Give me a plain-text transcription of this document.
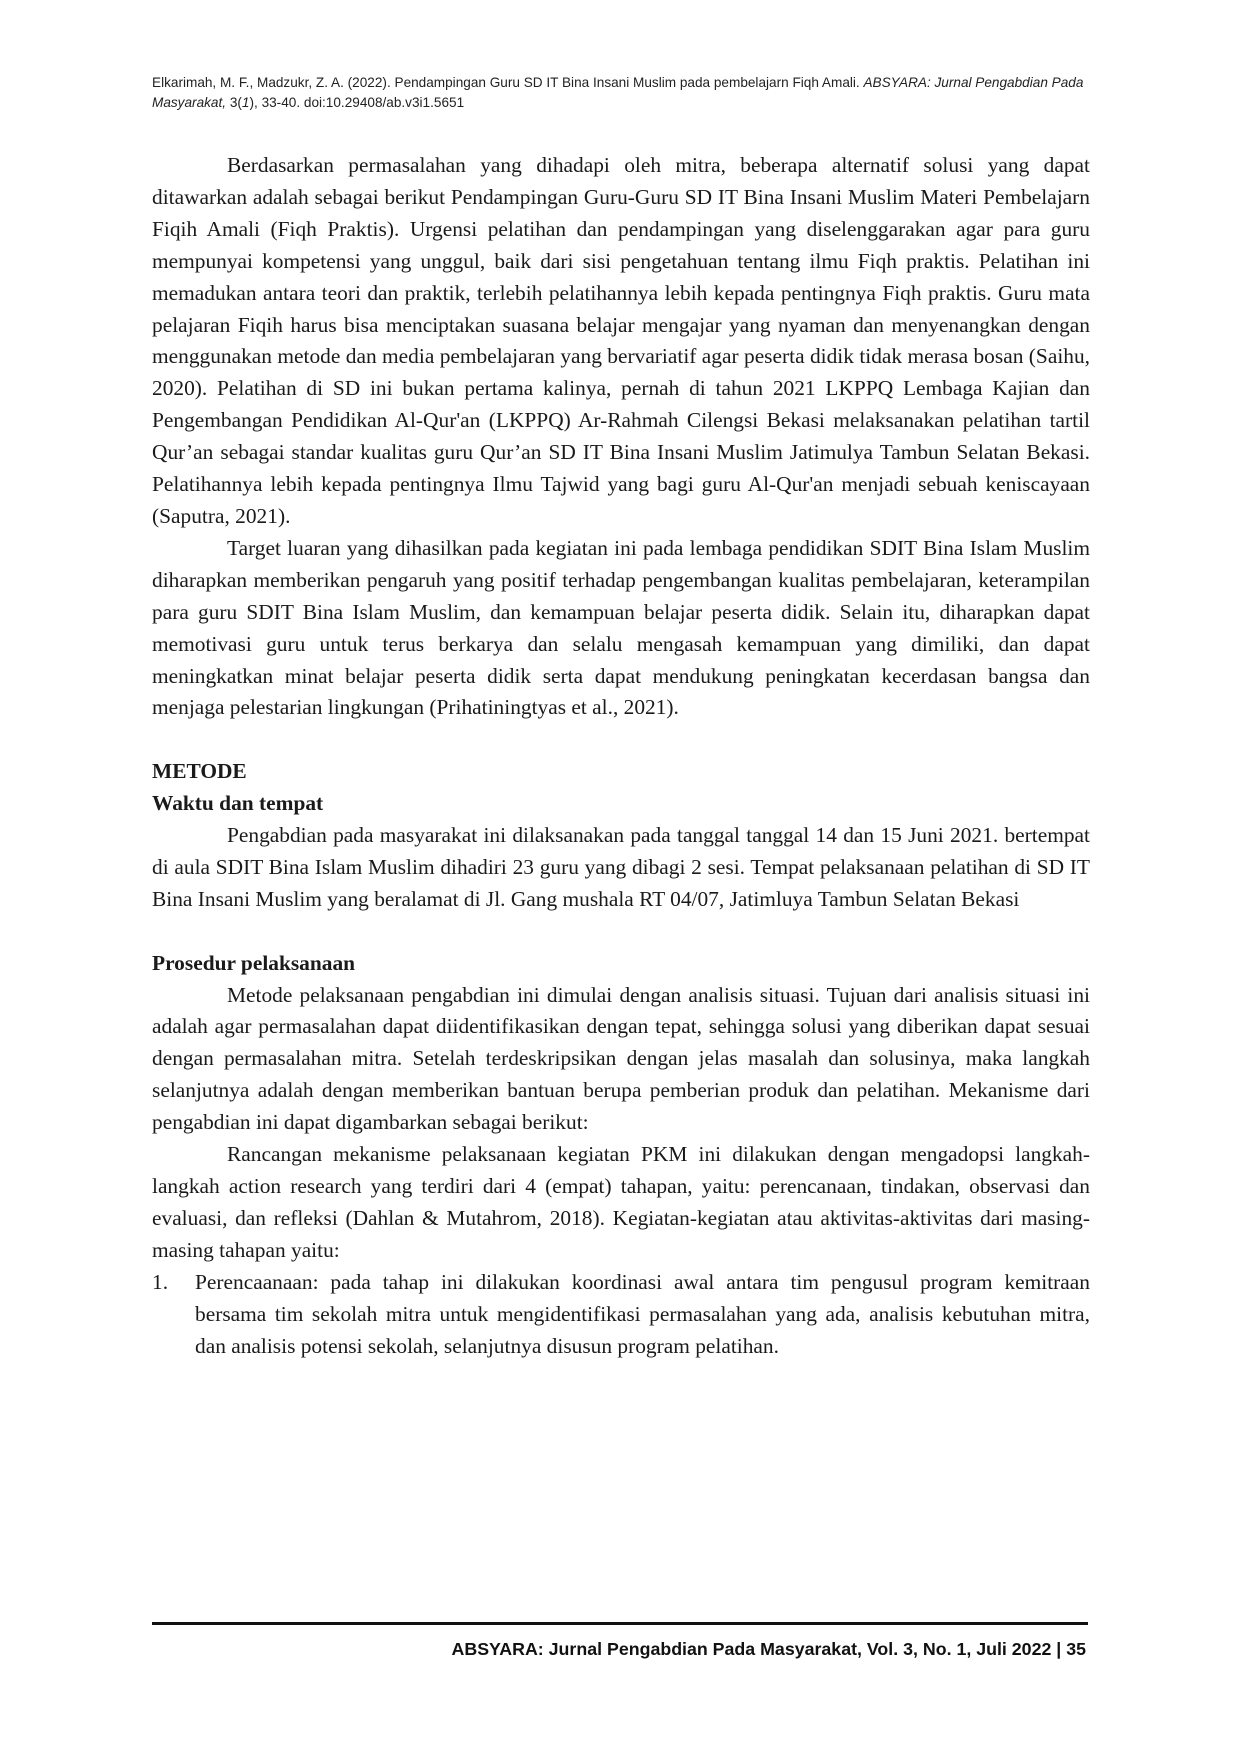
Elkarimah, M. F., Madzukr, Z. A. (2022). Pendampingan Guru SD IT Bina Insani Muslim pada pembelajarn Fiqh Amali. ABSYARA: Jurnal Pengabdian Pada Masyarakat, 3(1), 33-40. doi:10.29408/ab.v3i1.5651

Berdasarkan permasalahan yang dihadapi oleh mitra, beberapa alternatif solusi yang dapat ditawarkan adalah sebagai berikut Pendampingan Guru-Guru SD IT Bina Insani Muslim Materi Pembelajarn Fiqih Amali (Fiqh Praktis). Urgensi pelatihan dan pendampingan yang diselenggarakan agar para guru mempunyai kompetensi yang unggul, baik dari sisi pengetahuan tentang ilmu Fiqh praktis. Pelatihan ini memadukan antara teori dan praktik, terlebih pelatihannya lebih kepada pentingnya Fiqh praktis. Guru mata pelajaran Fiqih harus bisa menciptakan suasana belajar mengajar yang nyaman dan menyenangkan dengan menggunakan metode dan media pembelajaran yang bervariatif agar peserta didik tidak merasa bosan (Saihu, 2020). Pelatihan di SD ini bukan pertama kalinya, pernah di tahun 2021 LKPPQ Lembaga Kajian dan Pengembangan Pendidikan Al-Qur'an (LKPPQ) Ar-Rahmah Cilengsi Bekasi melaksanakan pelatihan tartil Qur’an sebagai standar kualitas guru Qur’an SD IT Bina Insani Muslim Jatimulya Tambun Selatan Bekasi. Pelatihannya lebih kepada pentingnya Ilmu Tajwid yang bagi guru Al-Qur'an menjadi sebuah keniscayaan (Saputra, 2021).

Target luaran yang dihasilkan pada kegiatan ini pada lembaga pendidikan SDIT Bina Islam Muslim diharapkan memberikan pengaruh yang positif terhadap pengembangan kualitas pembelajaran, keterampilan para guru SDIT Bina Islam Muslim, dan kemampuan belajar peserta didik. Selain itu, diharapkan dapat memotivasi guru untuk terus berkarya dan selalu mengasah kemampuan yang dimiliki, dan dapat meningkatkan minat belajar peserta didik serta dapat mendukung peningkatan kecerdasan bangsa dan menjaga pelestarian lingkungan (Prihatiningtyas et al., 2021).

METODE
Waktu dan tempat

Pengabdian pada masyarakat ini dilaksanakan pada tanggal tanggal 14 dan 15 Juni 2021. bertempat di aula SDIT Bina Islam Muslim dihadiri 23 guru yang dibagi 2 sesi. Tempat pelaksanaan pelatihan di SD IT Bina Insani Muslim yang beralamat di Jl. Gang mushala RT 04/07, Jatimluya Tambun Selatan Bekasi

Prosedur pelaksanaan

Metode pelaksanaan pengabdian ini dimulai dengan analisis situasi. Tujuan dari analisis situasi ini adalah agar permasalahan dapat diidentifikasikan dengan tepat, sehingga solusi yang diberikan dapat sesuai dengan permasalahan mitra. Setelah terdeskripsikan dengan jelas masalah dan solusinya, maka langkah selanjutnya adalah dengan memberikan bantuan berupa pemberian produk dan pelatihan. Mekanisme dari pengabdian ini dapat digambarkan sebagai berikut:

Rancangan mekanisme pelaksanaan kegiatan PKM ini dilakukan dengan mengadopsi langkah-langkah action research yang terdiri dari 4 (empat) tahapan, yaitu: perencanaan, tindakan, observasi dan evaluasi, dan refleksi (Dahlan & Mutahrom, 2018). Kegiatan-kegiatan atau aktivitas-aktivitas dari masing-masing tahapan yaitu:

1. Perencaanaan: pada tahap ini dilakukan koordinasi awal antara tim pengusul program kemitraan bersama tim sekolah mitra untuk mengidentifikasi permasalahan yang ada, analisis kebutuhan mitra, dan analisis potensi sekolah, selanjutnya disusun program pelatihan.
ABSYARA: Jurnal Pengabdian Pada Masyarakat, Vol. 3, No. 1, Juli 2022 | 35
